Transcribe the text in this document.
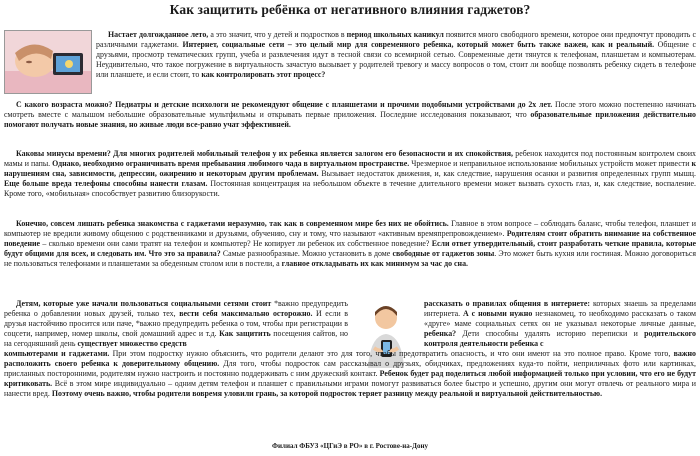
Как защитить ребёнка от негативного влияния гаджетов?

Настает долгожданное лето, а это значит, что у детей и подростков в период школьных каникул появится много свободного времени, которое они предпочтут проводить с различными гаджетами. Интернет, социальные сети – это целый мир для современного ребенка, который может быть также важен, как и реальный. Общение с друзьями, просмотр тематических групп, учеба и развлечения идут в тесной связи со всемирной сетью. Современные дети тянутся к телефонам, планшетам и компьютерам. Неудивительно, что такое погружение в виртуальность зачастую вызывает у родителей тревогу и массу вопросов о том, стоит ли вообще позволять ребенку сидеть в телефоне или планшете, и если стоит, то как контролировать этот процесс?

С какого возраста можно? Педиатры и детские психологи не рекомендуют общение с планшетами и прочими подобными устройствами до 2х лет. После этого можно постепенно начинать смотреть вместе с малышом небольшие образовательные мультфильмы и открывать первые приложения. Последние исследования показывают, что образовательные приложения действительно помогают получать новые знания, но живые люди все-равно учат эффективней.

Каковы минусы времени? Для многих родителей мобильный телефон у их ребенка является залогом его безопасности и их спокойствия, ребенок находится под постоянным контролем своих мамы и папы. Однако, необходимо ограничивать время пребывания любимого чада в виртуальном пространстве. Чрезмерное и неправильное использование мобильных устройств может привести к нарушениям сна, зависимости, депрессии, ожирению и некоторым другим проблемам. Вызывает недостаток движения, и, как следствие, нарушения осанки и развития определенных групп мышц. Еще больше вреда телефоны способны нанести глазам. Постоянная концентрация на небольшом объекте в течение длительного времени может вызвать сухость глаз, и, как следствие, воспаление. Кроме того, «мобильная» способствует развитию близорукости.

Конечно, совсем лишать ребенка знакомства с гаджетами неразумно, так как в современном мире без них не обойтись. Главное в этом вопросе – соблюдать баланс, чтобы телефон, планшет и компьютер не вредили живому общению с родственниками и друзьями, обучению, сну и тому, что называют «активным времяпрепровождением». Родителям стоит обратить внимание на собственное поведение – сколько времени они сами тратят на телефон и компьютер? Не копирует ли ребенок их собственное поведение? Если ответ утвердительный, стоит разработать четкие правила, которые будут общими для всех, и следовать им. Что это за правила? Самые разнообразные. Можно установить в доме свободные от гаджетов зоны. Это может быть кухня или гостиная. Можно договориться не пользоваться телефонами и планшетами за обеденным столом или в постели, а главное откладывать их как минимум за час до сна.

Детям, которые уже начали пользоваться социальными сетями стоит *важно предупредить ребенка о добавлении новых друзей, только тех, вести себя максимально осторожно. И если в друзья настойчиво просится или паче, *важно предупредить ребенка о том, чтобы при регистрации в соцсети, например, номер школы, свой домашний адрес и т.д. Как защитить посещения сайтов, но на сегодняшний день существует множество средств

рассказать о правилах общения в интернете: которых знаешь за пределами интернета. А с новыми нужно незнакомец, то необходимо рассказать о таком «друге» маме социальных сетях он не указывал некоторые личные данные, ребенка? Дети способны удалять историю переписки и родительского контроля деятельности ребенка с

компьютерами и гаджетами. При этом подростку нужно объяснить, что родители делают это для того, чтобы предотвратить опасность, и что они имеют на это полное право. Кроме того, важно расположить своего ребенка к доверительному общению. Для того, чтобы подросток сам рассказывал о друзьях, обидчиках, предложениях куда-то пойти, неприличных фото или картинках, присланных посторонними, родителям нужно настроить и постоянно поддерживать с ним дружеский контакт. Ребенок будет рад поделиться любой информацией только при условии, что его не будут критиковать. Всё в этом мире индивидуально – одним детям телефон и планшет с правильными играми помогут развиваться более быстро и успешно, другим они могут отвлечь от реального мира и нанести вред. Поэтому очень важно, чтобы родители вовремя уловили грань, за которой подросток теряет разницу между реальной и виртуальной действительностью.

Филиал ФБУЗ «ЦГиЭ в РО» в г. Ростове-на-Дону
